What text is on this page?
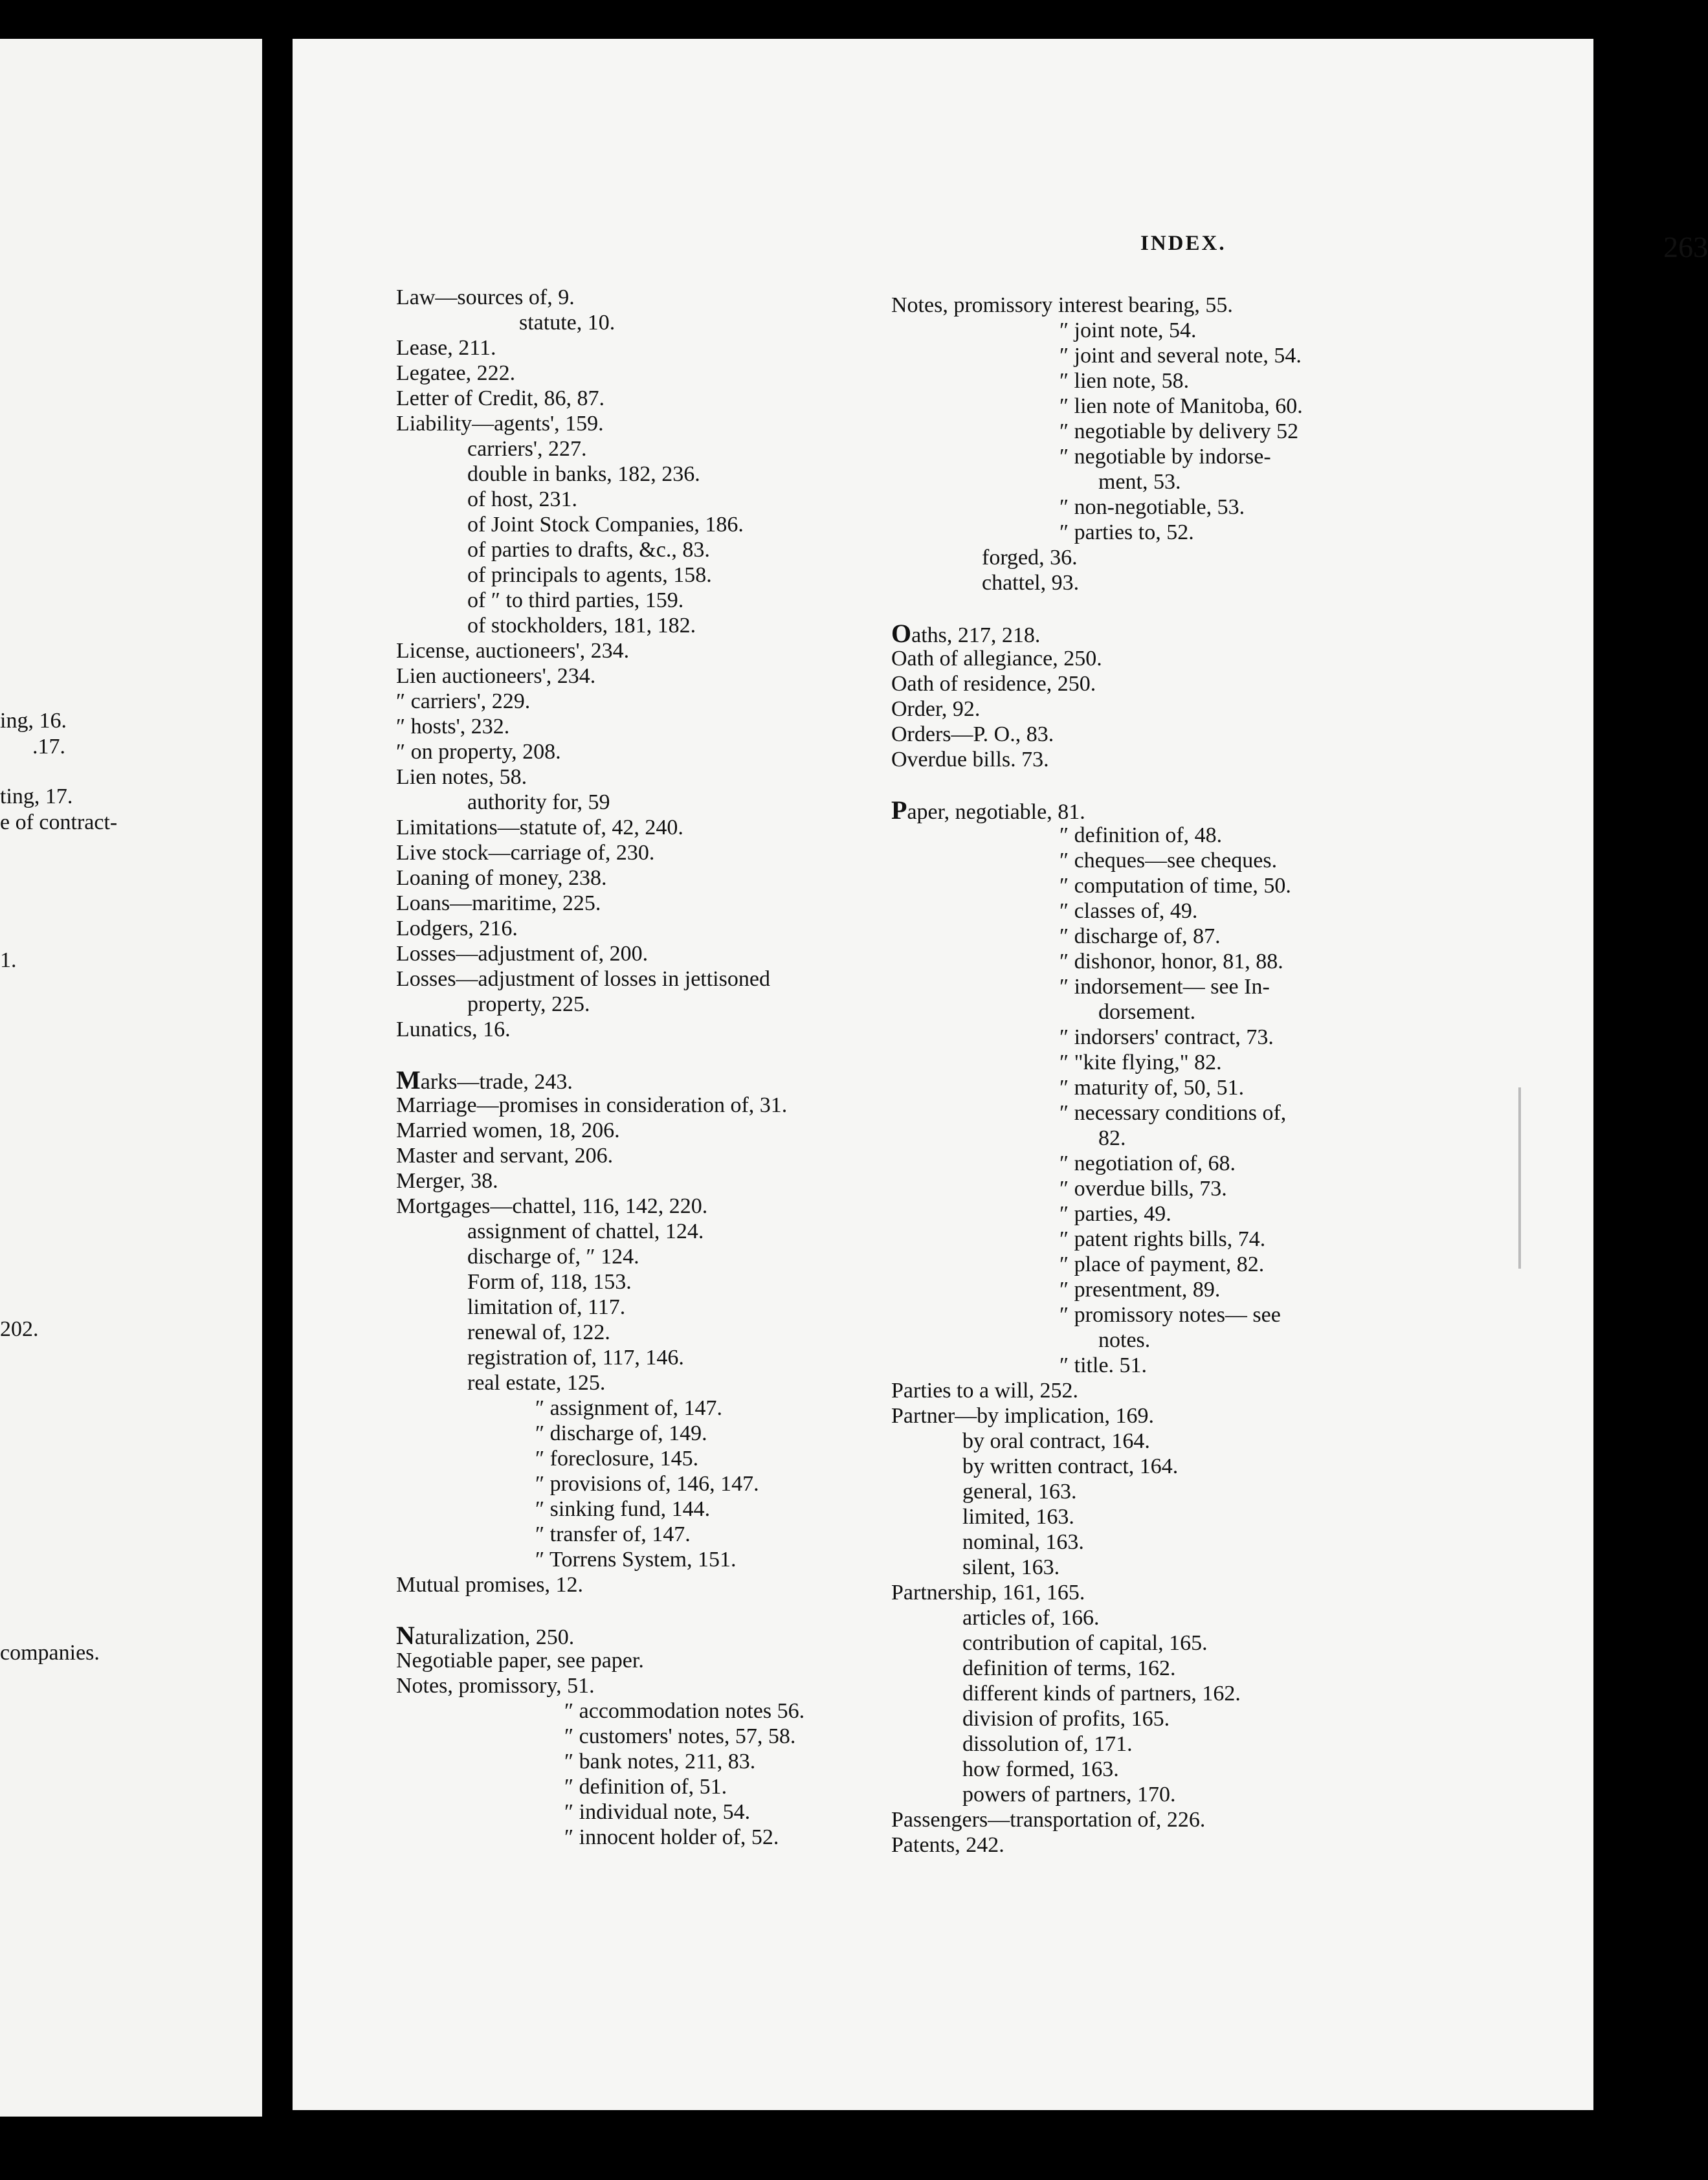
ing, 16.
.17.
ting, 17.
e of contract-
1.
202.
companies.
INDEX.	263
Law—sources of, 9.
statute, 10.
Lease, 211.
Legatee, 222.
Letter of Credit, 86, 87.
Liability—agents', 159.
carriers', 227.
double in banks, 182, 236.
of host, 231.
of Joint Stock Companies, 186.
of parties to drafts, &c., 83.
of principals to agents, 158.
of ″ to third parties, 159.
of stockholders, 181, 182.
License, auctioneers', 234.
Lien auctioneers', 234.
″ carriers', 229.
″ hosts', 232.
″ on property, 208.
Lien notes, 58.
authority for, 59
Limitations—statute of, 42, 240.
Live stock—carriage of, 230.
Loaning of money, 238.
Loans—maritime, 225.
Lodgers, 216.
Losses—adjustment of, 200.
Losses—adjustment of losses in jettisoned
property, 225.
Lunatics, 16.
Marks—trade, 243.
Marriage—promises in consideration of, 31.
Married women, 18, 206.
Master and servant, 206.
Merger, 38.
Mortgages—chattel, 116, 142, 220.
assignment of chattel, 124.
discharge of, ″ 124.
Form of, 118, 153.
limitation of, 117.
renewal of, 122.
registration of, 117, 146.
real estate, 125.
″ assignment of, 147.
″ discharge of, 149.
″ foreclosure, 145.
″ provisions of, 146, 147.
″ sinking fund, 144.
″ transfer of, 147.
″ Torrens System, 151.
Mutual promises, 12.
Naturalization, 250.
Negotiable paper, see paper.
Notes, promissory, 51.
″ accommodation notes 56.
″ customers' notes, 57, 58.
″ bank notes, 211, 83.
″ definition of, 51.
″ individual note, 54.
″ innocent holder of, 52.
Notes, promissory interest bearing, 55.
″ joint note, 54.
″ joint and several note, 54.
″ lien note, 58.
″ lien note of Manitoba, 60.
″ negotiable by delivery 52
″ negotiable by indorse-
ment, 53.
″ non-negotiable, 53.
″ parties to, 52.
forged, 36.
chattel, 93.
Oaths, 217, 218.
Oath of allegiance, 250.
Oath of residence, 250.
Order, 92.
Orders—P. O., 83.
Overdue bills. 73.
Paper, negotiable, 81.
″ definition of, 48.
″ cheques—see cheques.
″ computation of time, 50.
″ classes of, 49.
″ discharge of, 87.
″ dishonor, honor, 81, 88.
″ indorsement— see In-
dorsement.
″ indorsers' contract, 73.
″ "kite flying," 82.
″ maturity of, 50, 51.
″ necessary conditions of,
82.
″ negotiation of, 68.
″ overdue bills, 73.
″ parties, 49.
″ patent rights bills, 74.
″ place of payment, 82.
″ presentment, 89.
″ promissory notes— see
notes.
″ title. 51.
Parties to a will, 252.
Partner—by implication, 169.
by oral contract, 164.
by written contract, 164.
general, 163.
limited, 163.
nominal, 163.
silent, 163.
Partnership, 161, 165.
articles of, 166.
contribution of capital, 165.
definition of terms, 162.
different kinds of partners, 162.
division of profits, 165.
dissolution of, 171.
how formed, 163.
powers of partners, 170.
Passengers—transportation of, 226.
Patents, 242.
